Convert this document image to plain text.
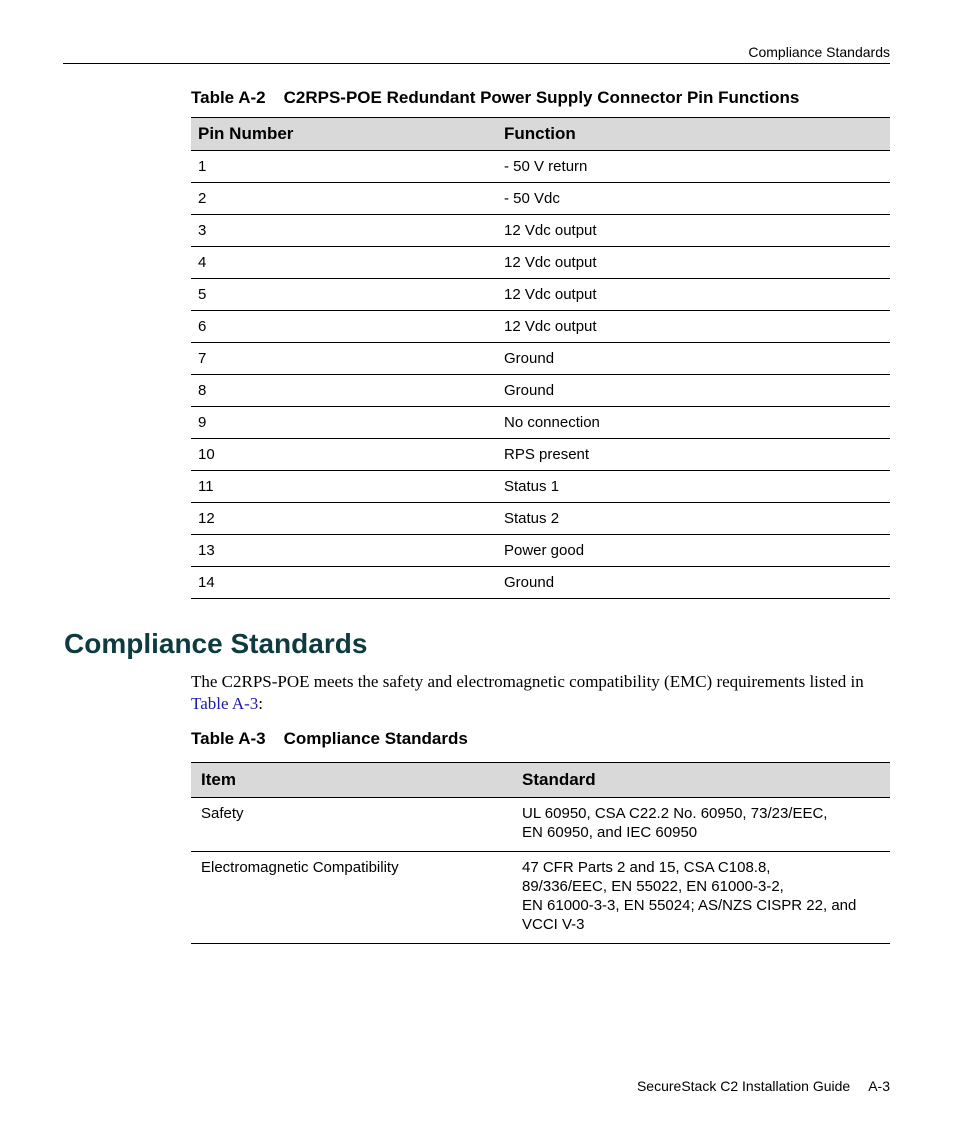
Compliance Standards
Table A-2 C2RPS-POE Redundant Power Supply Connector Pin Functions
Pin Number	Function
1	- 50 V return
2	- 50 Vdc
3	12 Vdc output
4	12 Vdc output
5	12 Vdc output
6	12 Vdc output
7	Ground
8	Ground
9	No connection
10	RPS present
11	Status 1
12	Status 2
13	Power good
14	Ground
Compliance Standards
The C2RPS-POE meets the safety and electromagnetic compatibility (EMC) requirements listed in Table A-3:
Table A-3 Compliance Standards
Item	Standard
Safety	UL 60950, CSA C22.2 No. 60950, 73/23/EEC,
EN 60950, and IEC 60950

Electromagnetic Compatibility	47 CFR Parts 2 and 15, CSA C108.8,
89/336/EEC, EN 55022, EN 61000-3-2,
EN 61000-3-3, EN 55024; AS/NZS CISPR 22, and
VCCI V-3
SecureStack C2 Installation Guide A-3
